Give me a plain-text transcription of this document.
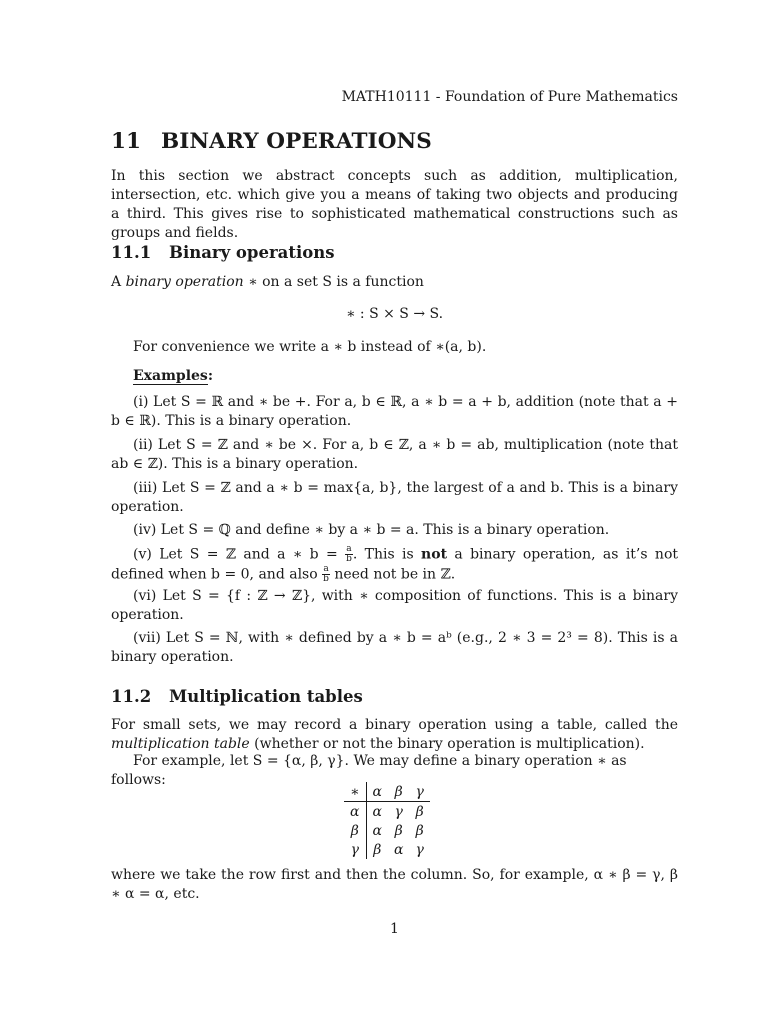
MATH10111 - Foundation of Pure Mathematics
11 BINARY OPERATIONS
In this section we abstract concepts such as addition, multiplication, intersection, etc. which give you a means of taking two objects and producing a third. This gives rise to sophisticated mathematical constructions such as groups and fields.
11.1 Binary operations
A binary operation ∗ on a set S is a function
∗ : S × S → S.
For convenience we write a ∗ b instead of ∗(a, b).
Examples:
(i) Let S = ℝ and ∗ be +. For a, b ∈ ℝ, a ∗ b = a + b, addition (note that a + b ∈ ℝ). This is a binary operation.
(ii) Let S = ℤ and ∗ be ×. For a, b ∈ ℤ, a ∗ b = ab, multiplication (note that ab ∈ ℤ). This is a binary operation.
(iii) Let S = ℤ and a ∗ b = max{a, b}, the largest of a and b. This is a binary operation.
(iv) Let S = ℚ and define ∗ by a ∗ b = a. This is a binary operation.
(v) Let S = ℤ and a ∗ $b = \frac{a}{b}$ . This is not a binary operation, as it’s not defined when b = 0, and also $\frac{a}{b}$ need not be in ℤ.
(vi) Let S = {f : ℤ → ℤ}, with ∗ composition of functions. This is a binary operation.
(vii) Let S = ℕ, with ∗ defined by a ∗ b = aᵇ (e.g., 2 ∗ 3 = 2³ = 8). This is a binary operation.
11.2 Multiplication tables
For small sets, we may record a binary operation using a table, called the multiplication table (whether or not the binary operation is multiplication).
For example, let S = {α, β, γ}. We may define a binary operation ∗ as follows:
∗	α	β	γ
α	α	γ	β
β	α	β	β
γ	β	α	γ
where we take the row first and then the column. So, for example, α ∗ β = γ, β ∗ α = α, etc.
1
